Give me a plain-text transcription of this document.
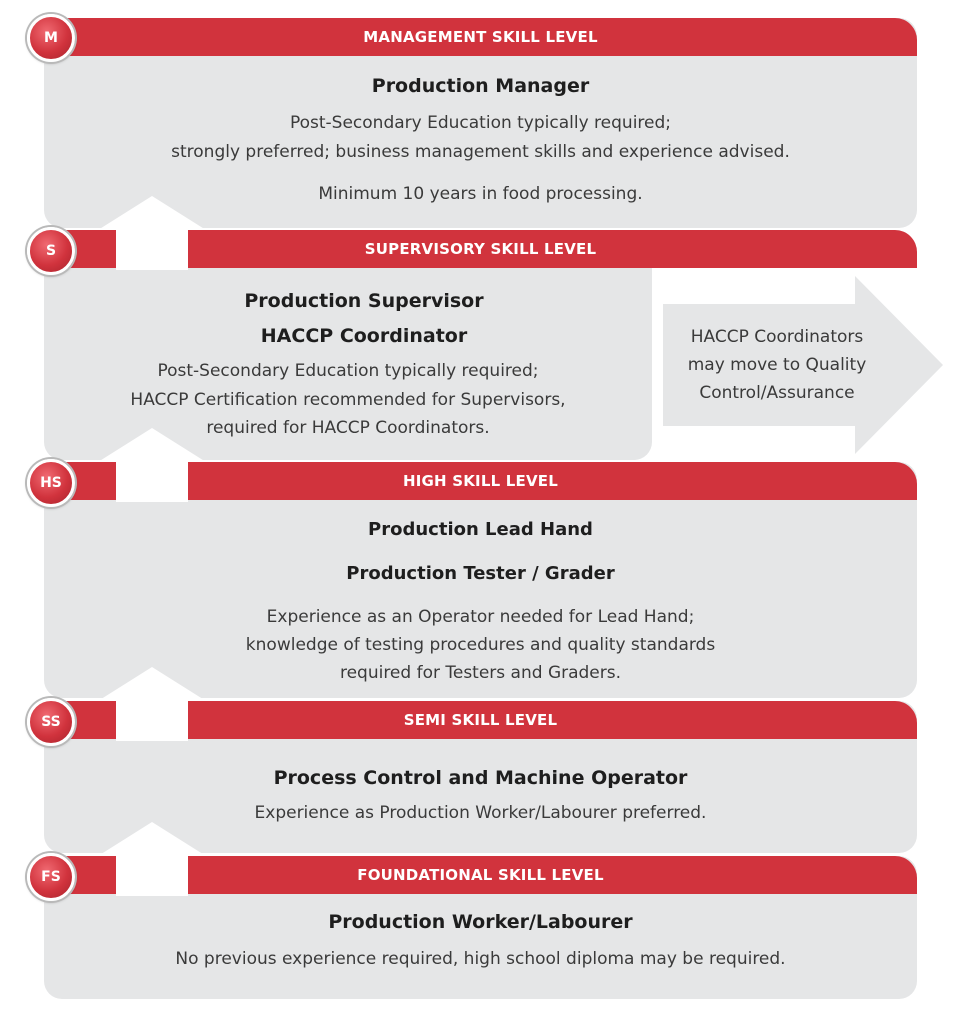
MANAGEMENT SKILL LEVEL
M
Production Manager
Post-Secondary Education typically required;
strongly preferred; business management skills and experience advised.
Minimum 10 years in food processing.
SUPERVISORY SKILL LEVEL
S
Production Supervisor
HACCP Coordinator
Post-Secondary Education typically required;
HACCP Certification recommended for Supervisors,
required for HACCP Coordinators.
HACCP Coordinators
may move to Quality
Control/Assurance
HIGH SKILL LEVEL
HS
Production Lead Hand
Production Tester / Grader
Experience as an Operator needed for Lead Hand;
knowledge of testing procedures and quality standards
required for Testers and Graders.
SEMI SKILL LEVEL
SS
Process Control and Machine Operator
Experience as Production Worker/Labourer preferred.
FOUNDATIONAL SKILL LEVEL
FS
Production Worker/Labourer
No previous experience required, high school diploma may be required.
